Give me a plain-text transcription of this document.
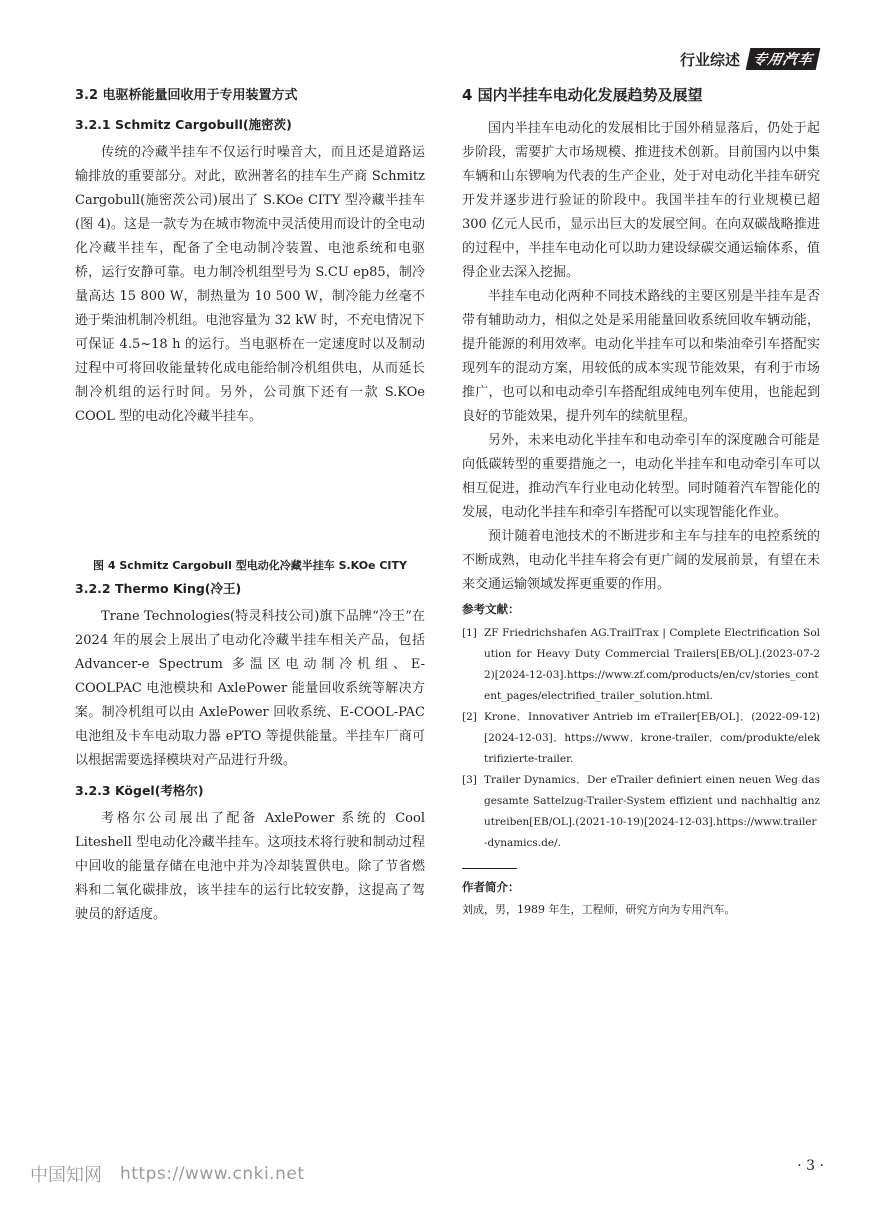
行业综述 专用汽车
3.2 电驱桥能量回收用于专用装置方式
3.2.1 Schmitz Cargobull(施密茨)

传统的冷藏半挂车不仅运行时噪音大，而且还是道路运输排放的重要部分。对此，欧洲著名的挂车生产商 Schmitz Cargobull(施密茨公司)展出了 S.KOe CITY 型冷藏半挂车(图 4)。这是一款专为在城市物流中灵活使用而设计的全电动化冷藏半挂车，配备了全电动制冷装置、电池系统和电驱桥，运行安静可靠。电力制冷机组型号为 S.CU ep85，制冷量高达 15 800 W，制热量为 10 500 W，制冷能力丝毫不逊于柴油机制冷机组。电池容量为 32 kW 时，不充电情况下可保证 4.5~18 h 的运行。当电驱桥在一定速度时以及制动过程中可将回收能量转化成电能给制冷机组供电，从而延长制冷机组的运行时间。另外，公司旗下还有一款 S.KOe COOL 型的电动化冷藏半挂车。

图 4 Schmitz Cargobull 型电动化冷藏半挂车 S.KOe CITY
3.2.2 Thermo King(冷王)

Trane Technologies(特灵科技公司)旗下品牌“冷王”在 2024 年的展会上展出了电动化冷藏半挂车相关产品，包括 Advancer-e Spectrum 多温区电动制冷机组、E-COOLPAC 电池模块和 AxlePower 能量回收系统等解决方案。制冷机组可以由 AxlePower 回收系统、E-COOL-PAC 电池组及卡车电动取力器 ePTO 等提供能量。半挂车厂商可以根据需要选择模块对产品进行升级。

3.2.3 Kögel(考格尔)

考格尔公司展出了配备 AxlePower 系统的 Cool Liteshell 型电动化冷藏半挂车。这项技术将行驶和制动过程中回收的能量存储在电池中并为冷却装置供电。除了节省燃料和二氧化碳排放，该半挂车的运行比较安静，这提高了驾驶员的舒适度。

4 国内半挂车电动化发展趋势及展望

国内半挂车电动化的发展相比于国外稍显落后，仍处于起步阶段，需要扩大市场规模、推进技术创新。目前国内以中集车辆和山东锣响为代表的生产企业，处于对电动化半挂车研究开发并逐步进行验证的阶段中。我国半挂车的行业规模已超 300 亿元人民币，显示出巨大的发展空间。在向双碳战略推进的过程中，半挂车电动化可以助力建设绿碳交通运输体系，值得企业去深入挖掘。

半挂车电动化两种不同技术路线的主要区别是半挂车是否带有辅助动力，相似之处是采用能量回收系统回收车辆动能，提升能源的利用效率。电动化半挂车可以和柴油牵引车搭配实现列车的混动方案，用较低的成本实现节能效果，有利于市场推广，也可以和电动牵引车搭配组成纯电列车使用，也能起到良好的节能效果，提升列车的续航里程。

另外，未来电动化半挂车和电动牵引车的深度融合可能是向低碳转型的重要措施之一，电动化半挂车和电动牵引车可以相互促进，推动汽车行业电动化转型。同时随着汽车智能化的发展，电动化半挂车和牵引车搭配可以实现智能化作业。

预计随着电池技术的不断进步和主车与挂车的电控系统的不断成熟，电动化半挂车将会有更广阔的发展前景，有望在未来交通运输领域发挥更重要的作用。

参考文献：
[1] ZF Friedrichshafen AG.TrailTrax | Complete Electrification Solution for Heavy Duty Commercial Trailers[EB/OL].(2023-07-22)[2024-12-03].https://www.zf.com/products/en/cv/stories_content_pages/electrified_trailer_solution.html.
[2] Krone．Innovativer Antrieb im eTrailer[EB/OL]．(2022-09-12)[2024-12-03]．https://www．krone-trailer．com/produkte/elektrifizierte-trailer.
[3] Trailer Dynamics．Der eTrailer definiert einen neuen Weg das gesamte Sattelzug-Trailer-System effizient und nachhaltig anzutreiben[EB/OL].(2021-10-19)[2024-12-03].https://www.trailer-dynamics.de/.
作者简介：
刘成，男，1989 年生，工程师，研究方向为专用汽车。
中国知网 https://www.cnki.net	· 3 ·
